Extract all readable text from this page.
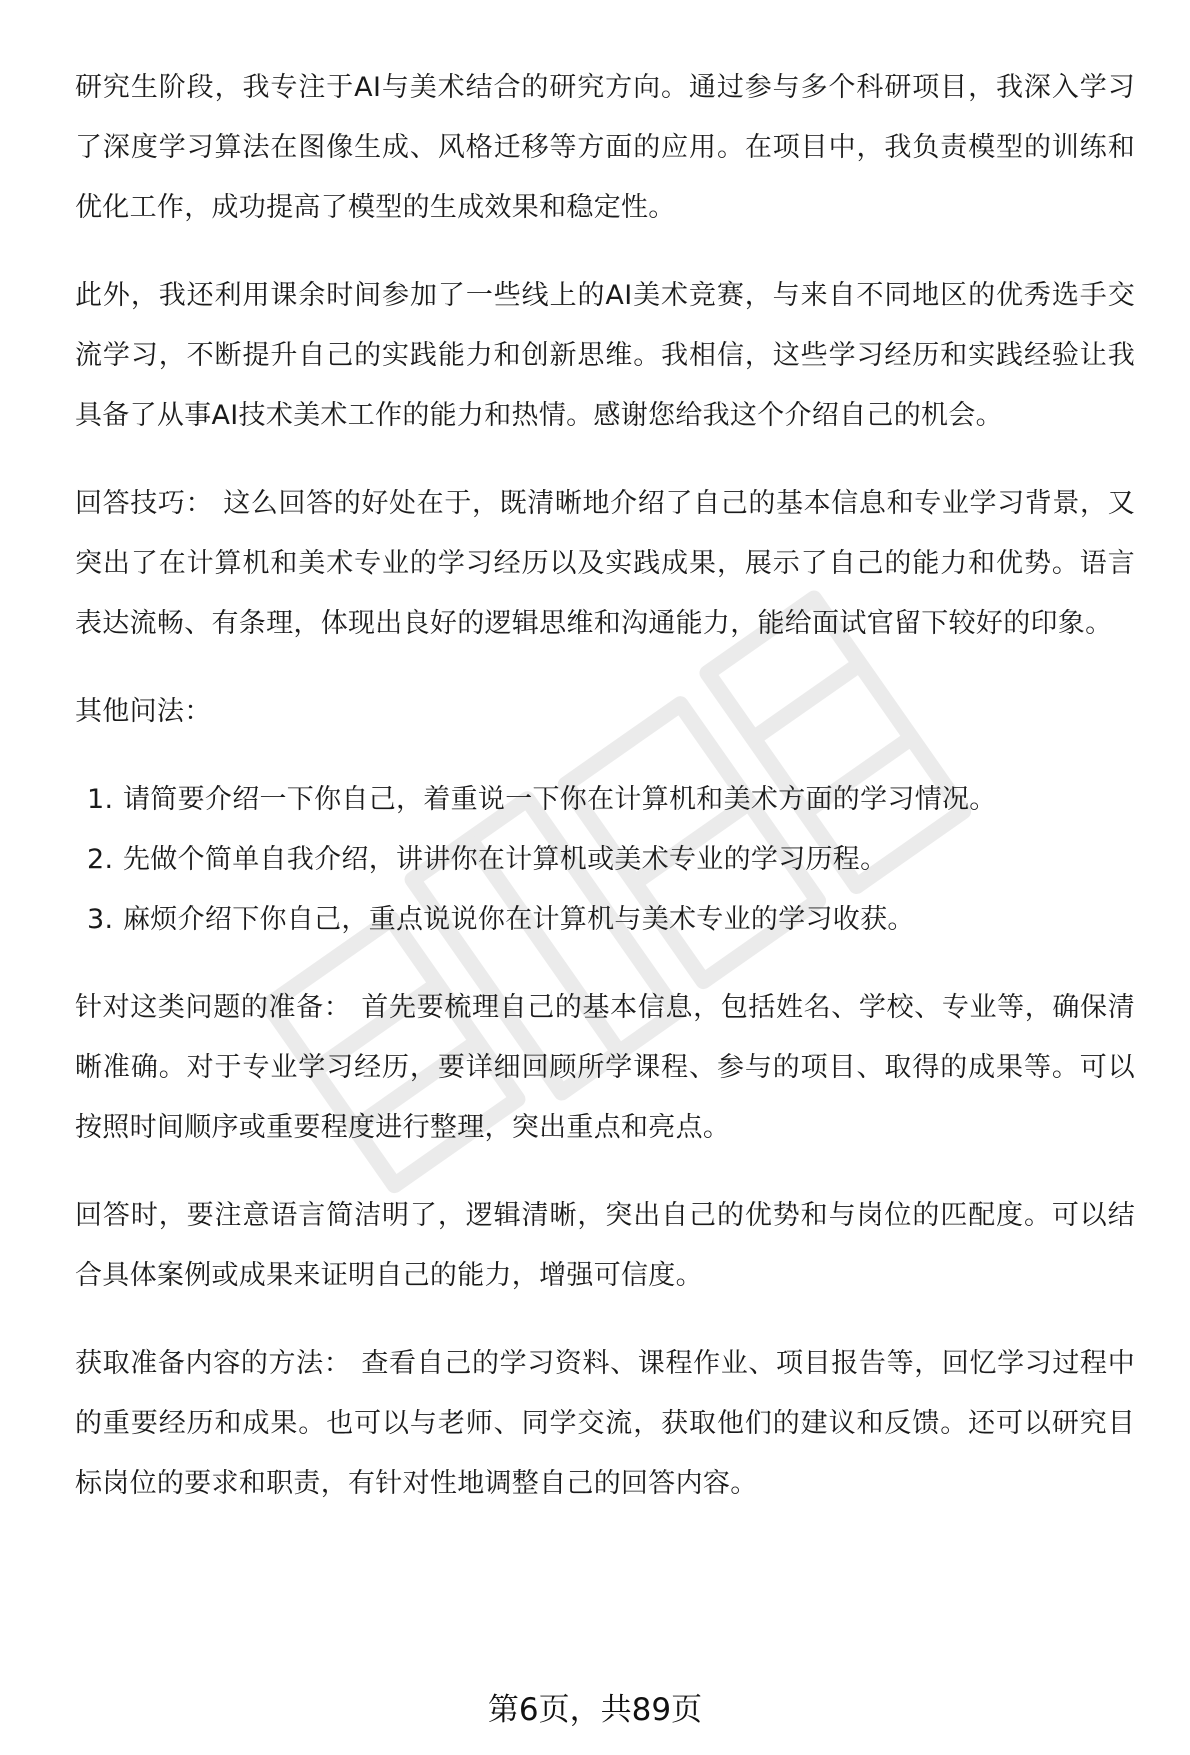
研究生阶段，我专注于AI与美术结合的研究方向。通过参与多个科研项目，我深入学习了深度学习算法在图像生成、风格迁移等方面的应用。在项目中，我负责模型的训练和优化工作，成功提高了模型的生成效果和稳定性。

此外，我还利用课余时间参加了一些线上的AI美术竞赛，与来自不同地区的优秀选手交流学习，不断提升自己的实践能力和创新思维。我相信，这些学习经历和实践经验让我具备了从事AI技术美术工作的能力和热情。感谢您给我这个介绍自己的机会。

回答技巧： 这么回答的好处在于，既清晰地介绍了自己的基本信息和专业学习背景，又突出了在计算机和美术专业的学习经历以及实践成果，展示了自己的能力和优势。语言表达流畅、有条理，体现出良好的逻辑思维和沟通能力，能给面试官留下较好的印象。

其他问法：

1. 请简要介绍一下你自己，着重说一下你在计算机和美术方面的学习情况。
2. 先做个简单自我介绍，讲讲你在计算机或美术专业的学习历程。
3. 麻烦介绍下你自己，重点说说你在计算机与美术专业的学习收获。

针对这类问题的准备： 首先要梳理自己的基本信息，包括姓名、学校、专业等，确保清晰准确。对于专业学习经历，要详细回顾所学课程、参与的项目、取得的成果等。可以按照时间顺序或重要程度进行整理，突出重点和亮点。

回答时，要注意语言简洁明了，逻辑清晰，突出自己的优势和与岗位的匹配度。可以结合具体案例或成果来证明自己的能力，增强可信度。

获取准备内容的方法： 查看自己的学习资料、课程作业、项目报告等，回忆学习过程中的重要经历和成果。也可以与老师、同学交流，获取他们的建议和反馈。还可以研究目标岗位的要求和职责，有针对性地调整自己的回答内容。

第6页，共89页
